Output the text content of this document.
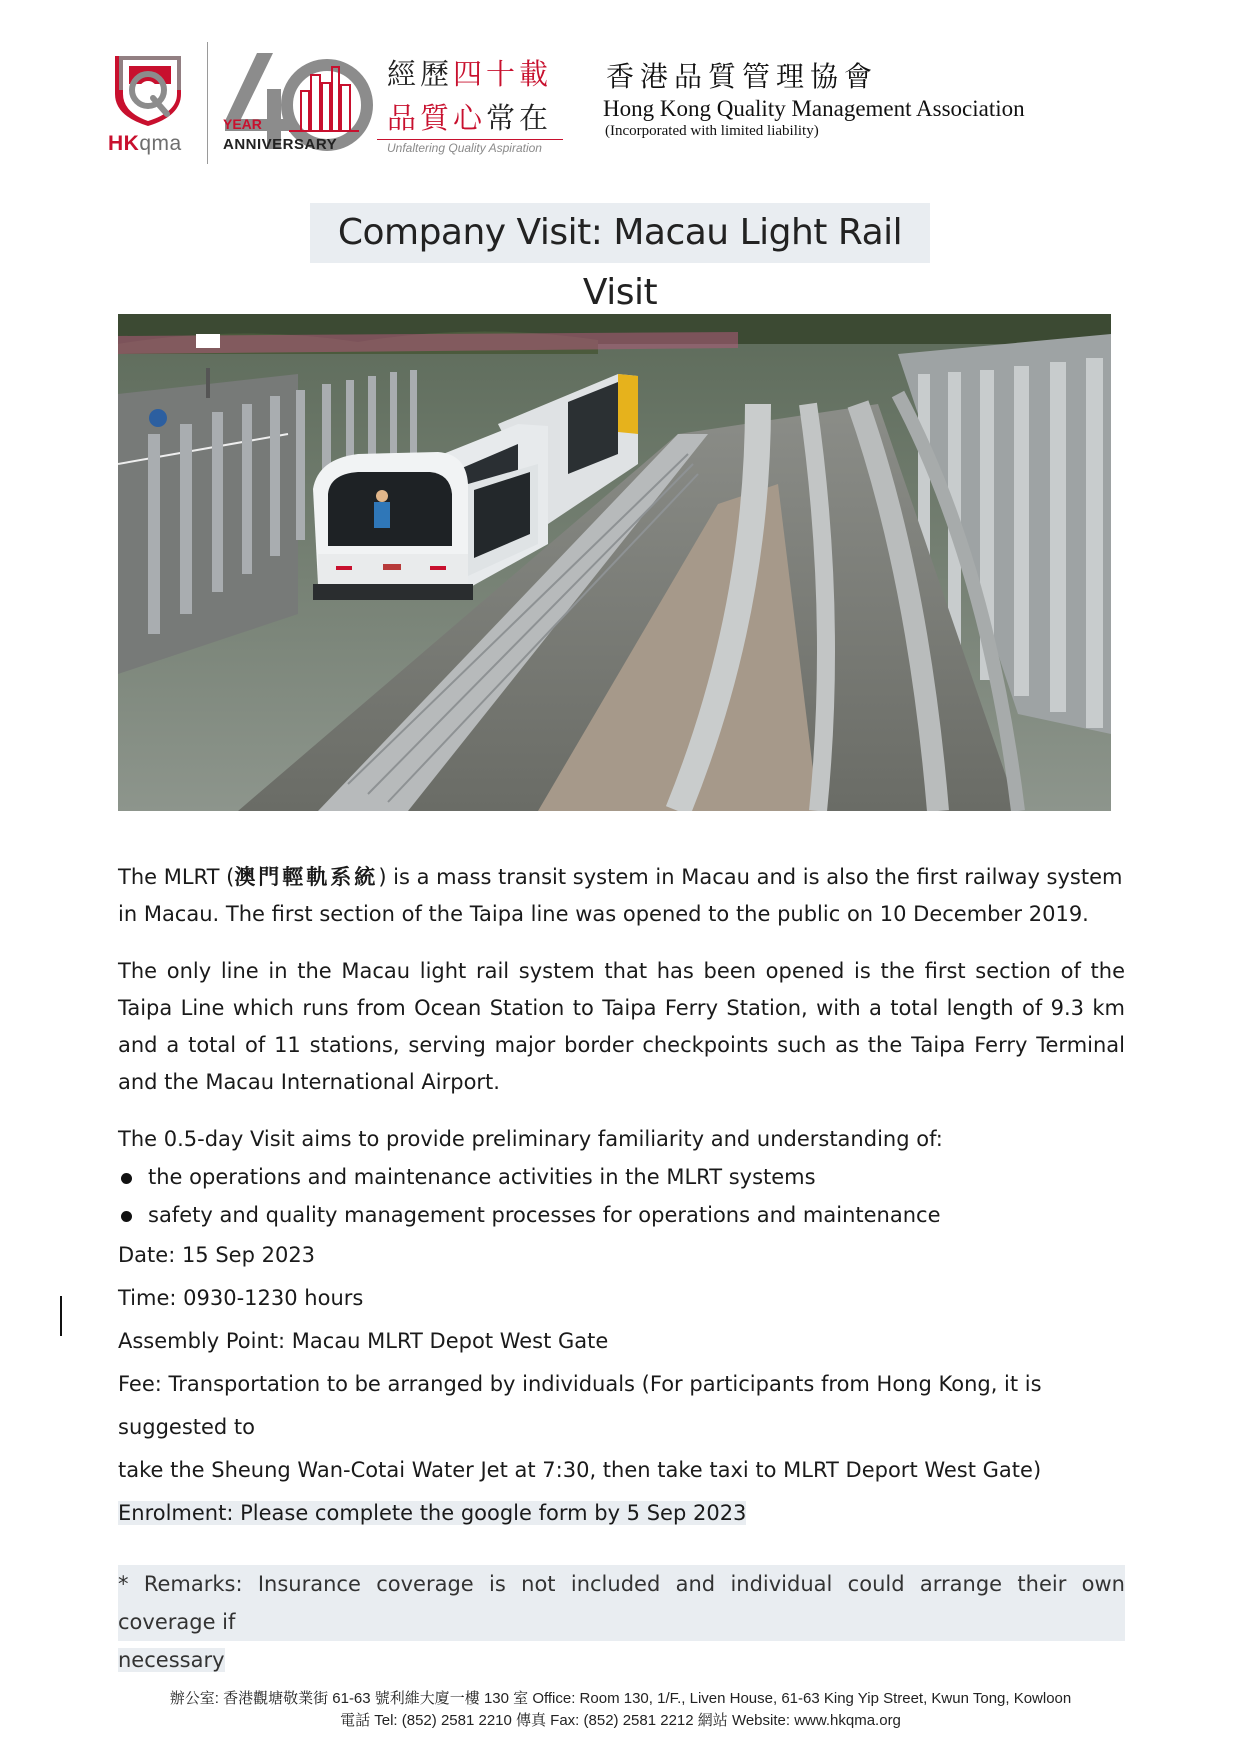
HKqma
YEAR
ANNIVERSARY
經歷四十載
品質心常在
Unfaltering Quality Aspiration
香港品質管理協會
Hong Kong Quality Management Association
(Incorporated with limited liability)
Company Visit: Macau Light Rail Visit

The MLRT (澳門輕軌系統) is a mass transit system in Macau and is also the first railway system
in Macau. The first section of the Taipa line was opened to the public on 10 December 2019.

The only line in the Macau light rail system that has been opened is the first section of the Taipa Line which runs from Ocean Station to Taipa Ferry Station, with a total length of 9.3 km and a total of 11 stations, serving major border checkpoints such as the Taipa Ferry Terminal and the Macau International Airport.

The 0.5-day Visit aims to provide preliminary familiarity and understanding of:

the operations and maintenance activities in the MLRT systems
safety and quality management processes for operations and maintenance
Date: 15 Sep 2023
Time: 0930-1230 hours
Assembly Point: Macau MLRT Depot West Gate
Fee: Transportation to be arranged by individuals (For participants from Hong Kong, it is suggested to
take the Sheung Wan-Cotai Water Jet at 7:30, then take taxi to MLRT Deport West Gate)
Enrolment: Please complete the google form by 5 Sep 2023
* Remarks: Insurance coverage is not included and individual could arrange their own coverage if
necessary
辦公室: 香港觀塘敬業街 61-63 號利維大廈一樓 130 室 Office: Room 130, 1/F., Liven House, 61-63 King Yip Street, Kwun Tong, Kowloon
電話 Tel: (852) 2581 2210 傳真 Fax: (852) 2581 2212 網站 Website: www.hkqma.org
